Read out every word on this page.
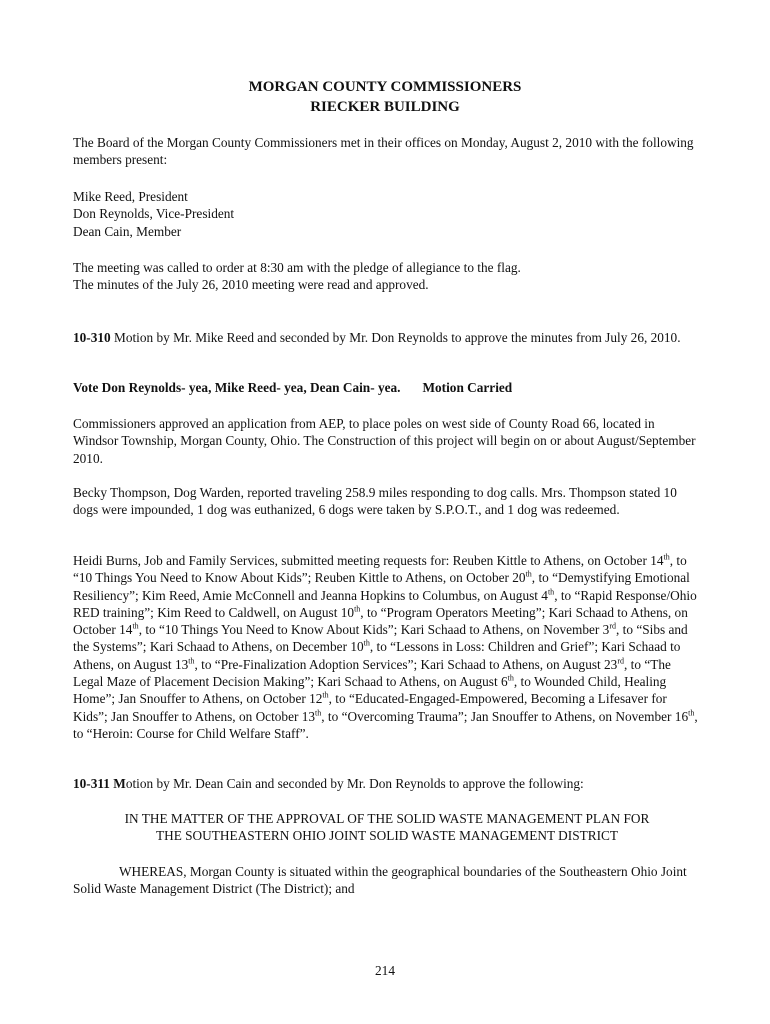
MORGAN COUNTY COMMISSIONERS
RIECKER BUILDING

The Board of the Morgan County Commissioners met in their offices on Monday, August 2, 2010 with the following members present:

Mike Reed, President
Don Reynolds, Vice-President
Dean Cain, Member
The meeting was called to order at 8:30 am with the pledge of allegiance to the flag.
The minutes of the July 26, 2010 meeting were read and approved.

10-310 Motion by Mr. Mike Reed and seconded by Mr. Don Reynolds to approve the minutes from July 26, 2010.

Vote Don Reynolds- yea, Mike Reed- yea, Dean Cain- yea. Motion Carried

Commissioners approved an application from AEP, to place poles on west side of County Road 66, located in Windsor Township, Morgan County, Ohio. The Construction of this project will begin on or about August/September 2010.

Becky Thompson, Dog Warden, reported traveling 258.9 miles responding to dog calls. Mrs. Thompson stated 10 dogs were impounded, 1 dog was euthanized, 6 dogs were taken by S.P.O.T., and 1 dog was redeemed.

Heidi Burns, Job and Family Services, submitted meeting requests for: Reuben Kittle to Athens, on October 14th, to “10 Things You Need to Know About Kids”; Reuben Kittle to Athens, on October 20th, to “Demystifying Emotional Resiliency”; Kim Reed, Amie McConnell and Jeanna Hopkins to Columbus, on August 4th, to “Rapid Response/Ohio RED training”; Kim Reed to Caldwell, on August 10th, to “Program Operators Meeting”; Kari Schaad to Athens, on October 14th, to “10 Things You Need to Know About Kids”; Kari Schaad to Athens, on November 3rd, to “Sibs and the Systems”; Kari Schaad to Athens, on December 10th, to “Lessons in Loss: Children and Grief”; Kari Schaad to Athens, on August 13th, to “Pre-Finalization Adoption Services”; Kari Schaad to Athens, on August 23rd, to “The Legal Maze of Placement Decision Making”; Kari Schaad to Athens, on August 6th, to Wounded Child, Healing Home”; Jan Snouffer to Athens, on October 12th, to “Educated-Engaged-Empowered, Becoming a Lifesaver for Kids”; Jan Snouffer to Athens, on October 13th, to “Overcoming Trauma”; Jan Snouffer to Athens, on November 16th, to “Heroin: Course for Child Welfare Staff”.

10-311 Motion by Mr. Dean Cain and seconded by Mr. Don Reynolds to approve the following:

IN THE MATTER OF THE APPROVAL OF THE SOLID WASTE MANAGEMENT PLAN FOR
THE SOUTHEASTERN OHIO JOINT SOLID WASTE MANAGEMENT DISTRICT

WHEREAS, Morgan County is situated within the geographical boundaries of the Southeastern Ohio Joint Solid Waste Management District (The District); and

214
